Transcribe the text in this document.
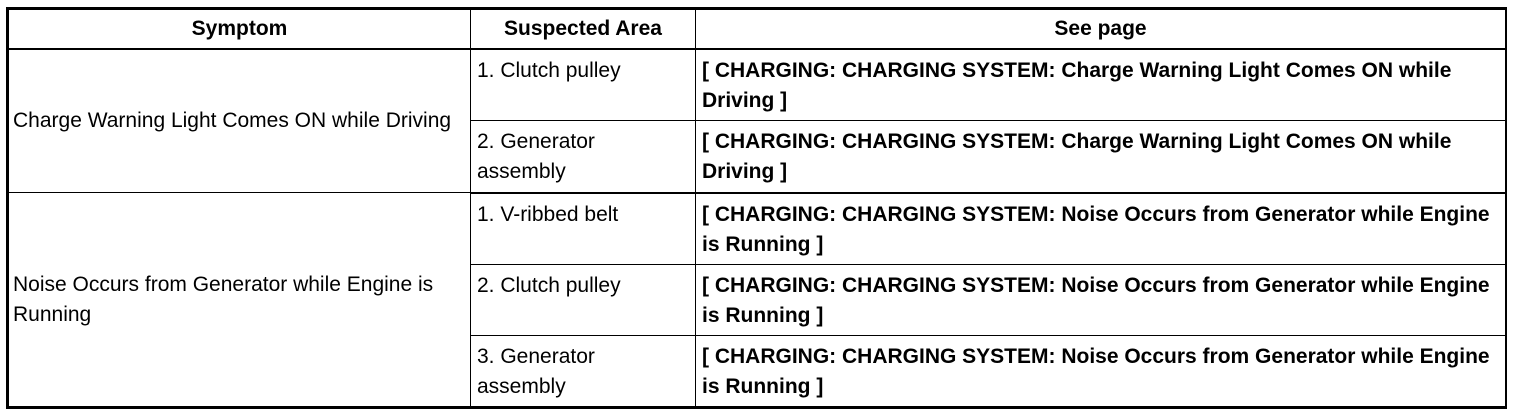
Symptom	Suspected Area	See page
Charge Warning Light Comes ON while Driving	1. Clutch pulley	[ CHARGING: CHARGING SYSTEM: Charge Warning Light Comes ON while Driving ]
	2. Generator assembly	[ CHARGING: CHARGING SYSTEM: Charge Warning Light Comes ON while Driving ]
Noise Occurs from Generator while Engine is Running	1. V-ribbed belt	[ CHARGING: CHARGING SYSTEM: Noise Occurs from Generator while Engine is Running ]
	2. Clutch pulley	[ CHARGING: CHARGING SYSTEM: Noise Occurs from Generator while Engine is Running ]
	3. Generator assembly	[ CHARGING: CHARGING SYSTEM: Noise Occurs from Generator while Engine is Running ]
